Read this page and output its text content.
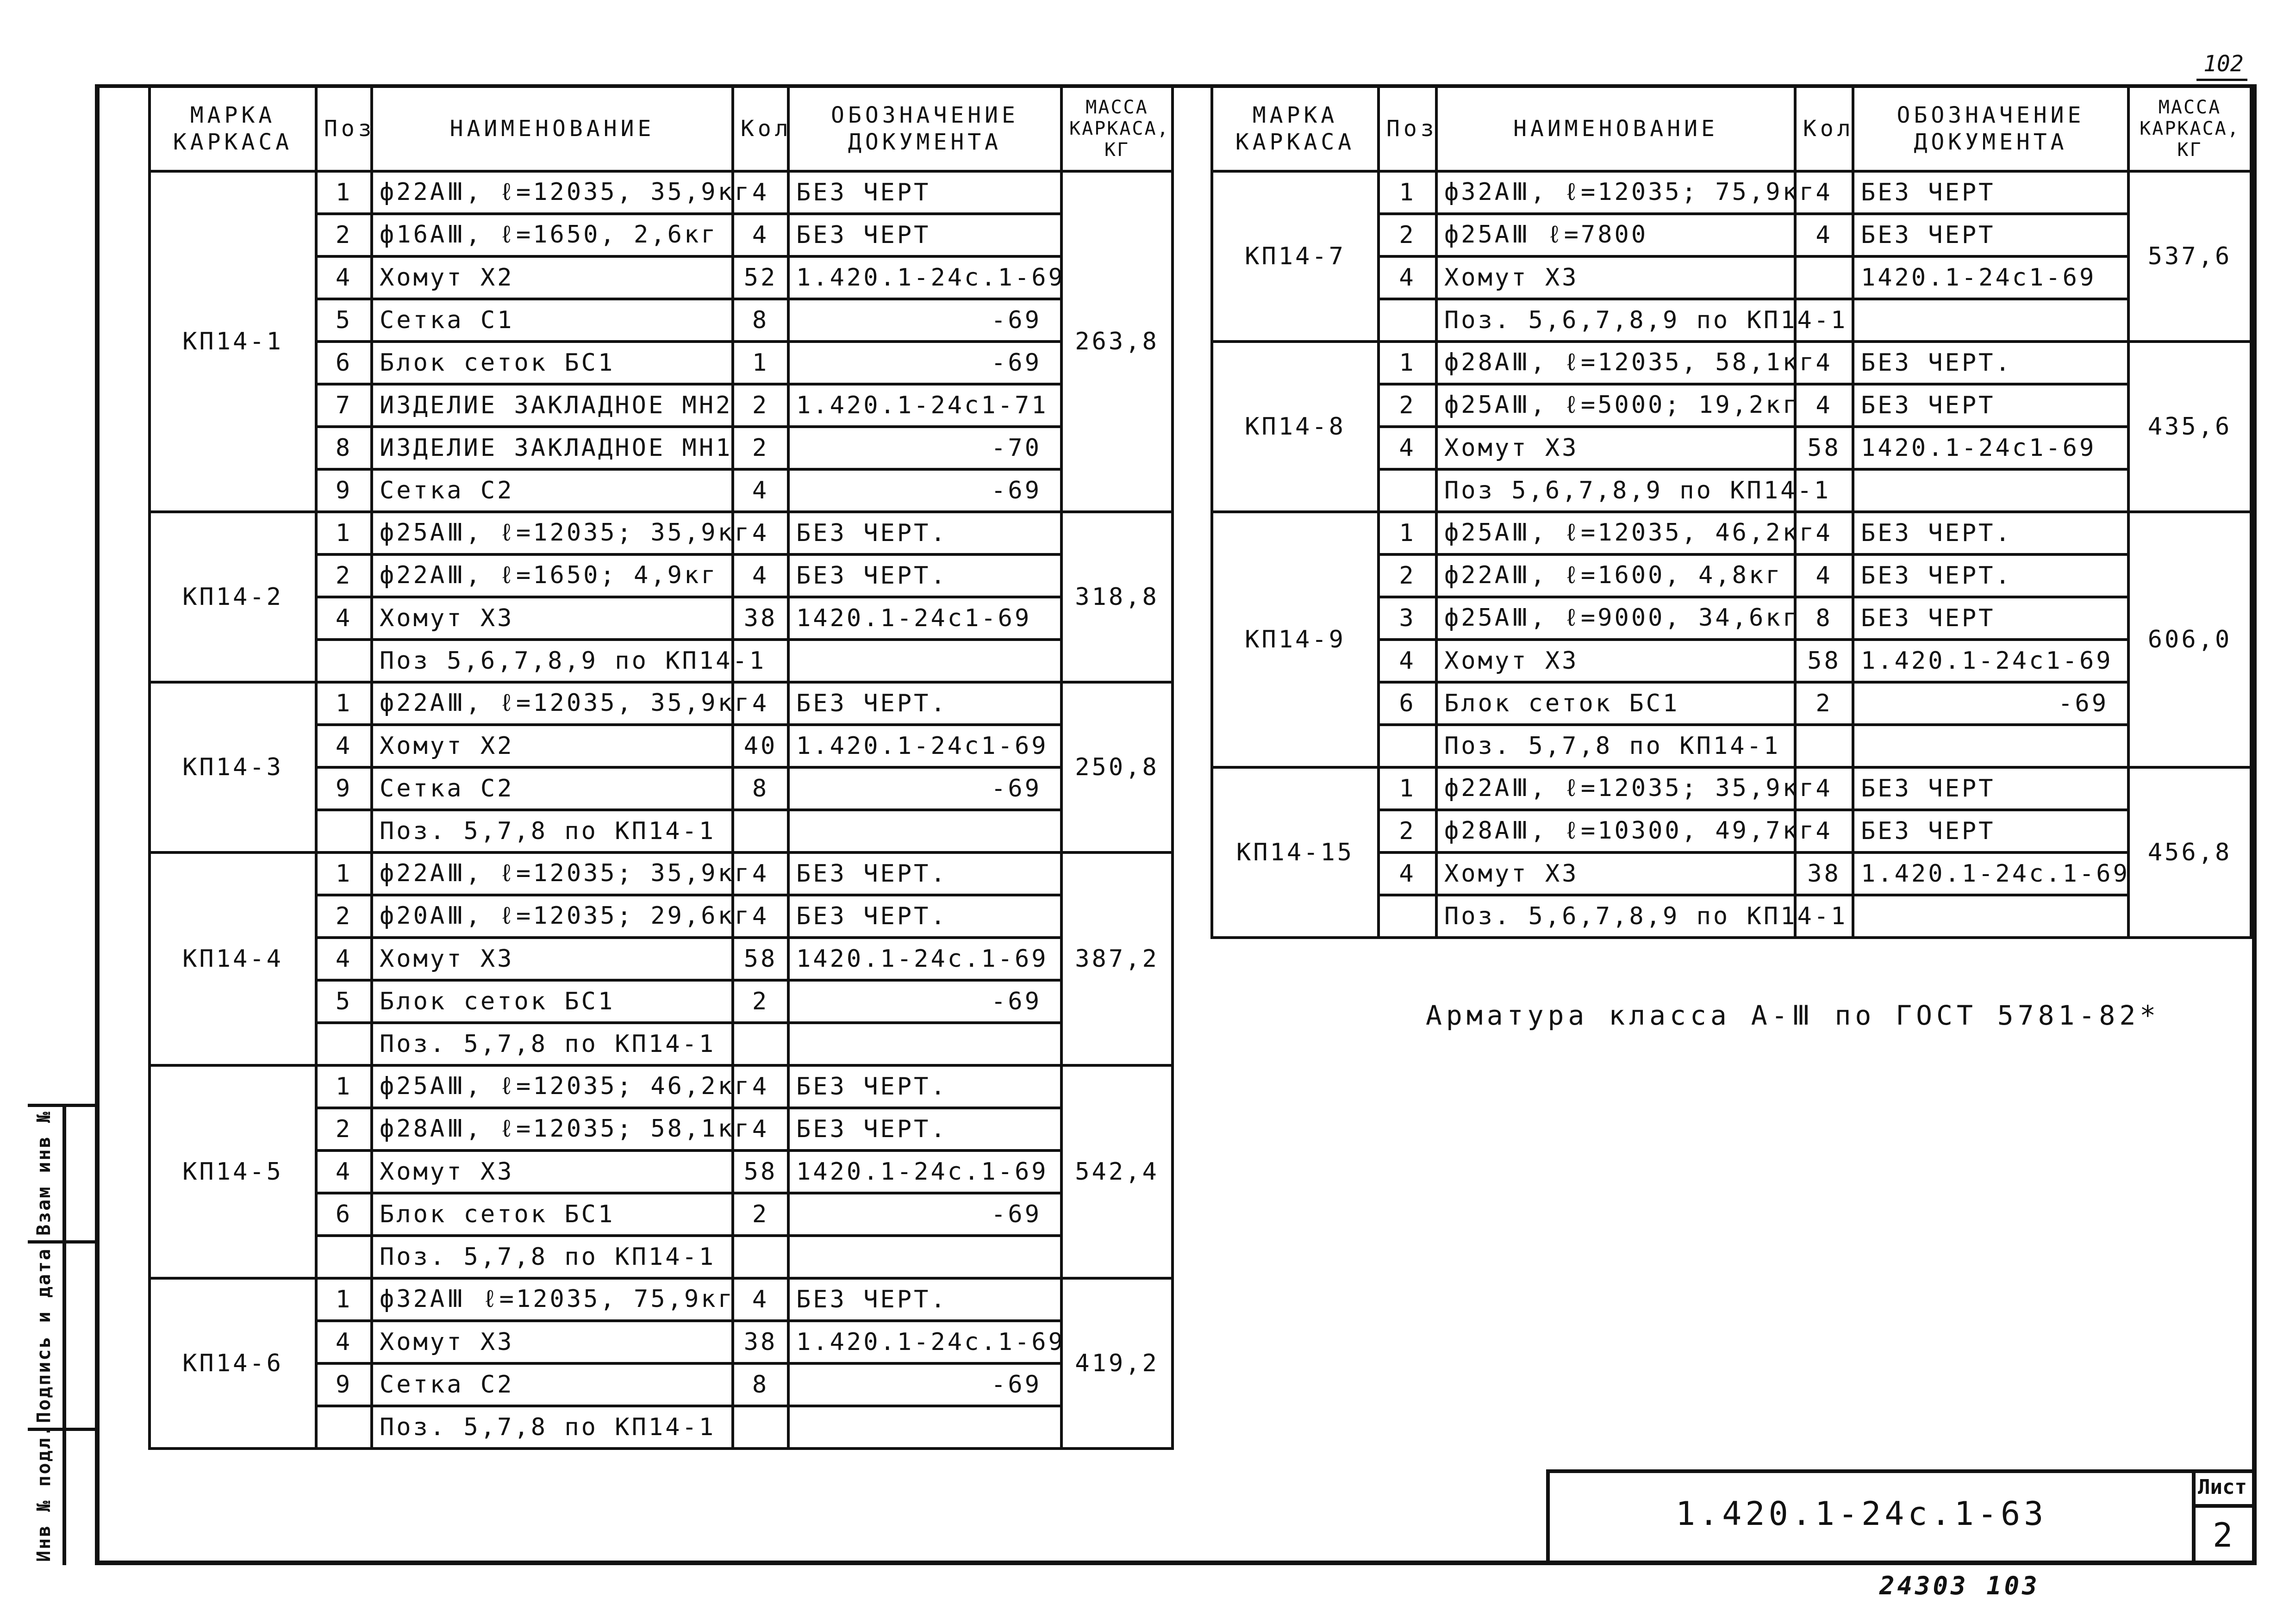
102
МАРКА
КАРКАСА	Поз	НАИМЕНОВАНИЕ	Кол	ОБОЗНАЧЕНИЕ
ДОКУМЕНТА	МАССА
КАРКАСА,
КГ
КП14-1	1	ф22АⅢ, ℓ=12035, 35,9кг	4	БЕЗ ЧЕРТ	263,8
	2	ф16АⅢ, ℓ=1650, 2,6кг	4	БЕЗ ЧЕРТ	
	4	Хомут Х2	52	1.420.1-24с.1-69	
	5	Сетка С1	8	-69	
	6	Блок сеток БС1	1	-69	
	7	ИЗДЕЛИЕ ЗАКЛАДНОЕ МН2	2	1.420.1-24с1-71	
	8	ИЗДЕЛИЕ ЗАКЛАДНОЕ МН1	2	-70	
	9	Сетка С2	4	-69	
КП14-2	1	ф25АⅢ, ℓ=12035; 35,9кг	4	БЕЗ ЧЕРТ.	318,8
	2	ф22АⅢ, ℓ=1650; 4,9кг	4	БЕЗ ЧЕРТ.	
	4	Хомут Х3	38	1420.1-24с1-69	
		Поз 5,6,7,8,9 по КП14-1			
КП14-3	1	ф22АⅢ, ℓ=12035, 35,9кг	4	БЕЗ ЧЕРТ.	250,8
	4	Хомут Х2	40	1.420.1-24с1-69	
	9	Сетка С2	8	-69	
		Поз. 5,7,8 по КП14-1			
КП14-4	1	ф22АⅢ, ℓ=12035; 35,9кг	4	БЕЗ ЧЕРТ.	387,2
	2	ф20АⅢ, ℓ=12035; 29,6кг	4	БЕЗ ЧЕРТ.	
	4	Хомут Х3	58	1420.1-24с.1-69	
	5	Блок сеток БС1	2	-69	
		Поз. 5,7,8 по КП14-1			
КП14-5	1	ф25АⅢ, ℓ=12035; 46,2кг	4	БЕЗ ЧЕРТ.	542,4
	2	ф28АⅢ, ℓ=12035; 58,1кг	4	БЕЗ ЧЕРТ.	
	4	Хомут Х3	58	1420.1-24с.1-69	
	6	Блок сеток БС1	2	-69	
		Поз. 5,7,8 по КП14-1			
КП14-6	1	ф32АⅢ ℓ=12035, 75,9кг	4	БЕЗ ЧЕРТ.	419,2
	4	Хомут Х3	38	1.420.1-24с.1-69	
	9	Сетка С2	8	-69	
		Поз. 5,7,8 по КП14-1			
МАРКА
КАРКАСА	Поз	НАИМЕНОВАНИЕ	Кол	ОБОЗНАЧЕНИЕ
ДОКУМЕНТА	МАССА
КАРКАСА,
КГ
КП14-7	1	ф32АⅢ, ℓ=12035; 75,9кг	4	БЕЗ ЧЕРТ	537,6
	2	ф25АⅢ ℓ=7800	4	БЕЗ ЧЕРТ	
	4	Хомут Х3		1420.1-24с1-69	
		Поз. 5,6,7,8,9 по КП14-1			
КП14-8	1	ф28АⅢ, ℓ=12035, 58,1кг	4	БЕЗ ЧЕРТ.	435,6
	2	ф25АⅢ, ℓ=5000; 19,2кг	4	БЕЗ ЧЕРТ	
	4	Хомут Х3	58	1420.1-24с1-69	
		Поз 5,6,7,8,9 по КП14-1			
КП14-9	1	ф25АⅢ, ℓ=12035, 46,2кг	4	БЕЗ ЧЕРТ.	606,0
	2	ф22АⅢ, ℓ=1600, 4,8кг	4	БЕЗ ЧЕРТ.	
	3	ф25АⅢ, ℓ=9000, 34,6кг	8	БЕЗ ЧЕРТ	
	4	Хомут Х3	58	1.420.1-24с1-69	
	6	Блок сеток БС1	2	-69	
		Поз. 5,7,8 по КП14-1			
КП14-15	1	ф22АⅢ, ℓ=12035; 35,9кг	4	БЕЗ ЧЕРТ	456,8
	2	ф28АⅢ, ℓ=10300, 49,7кг	4	БЕЗ ЧЕРТ	
	4	Хомут Х3	38	1.420.1-24с.1-69	
		Поз. 5,6,7,8,9 по КП14-1			
Арматура класса А-Ⅲ по ГОСТ 5781-82*
1.420.1-24с.1-63
Лист
2
24303 103
Инв № подл.
Подпись и дата
Взам инв №
